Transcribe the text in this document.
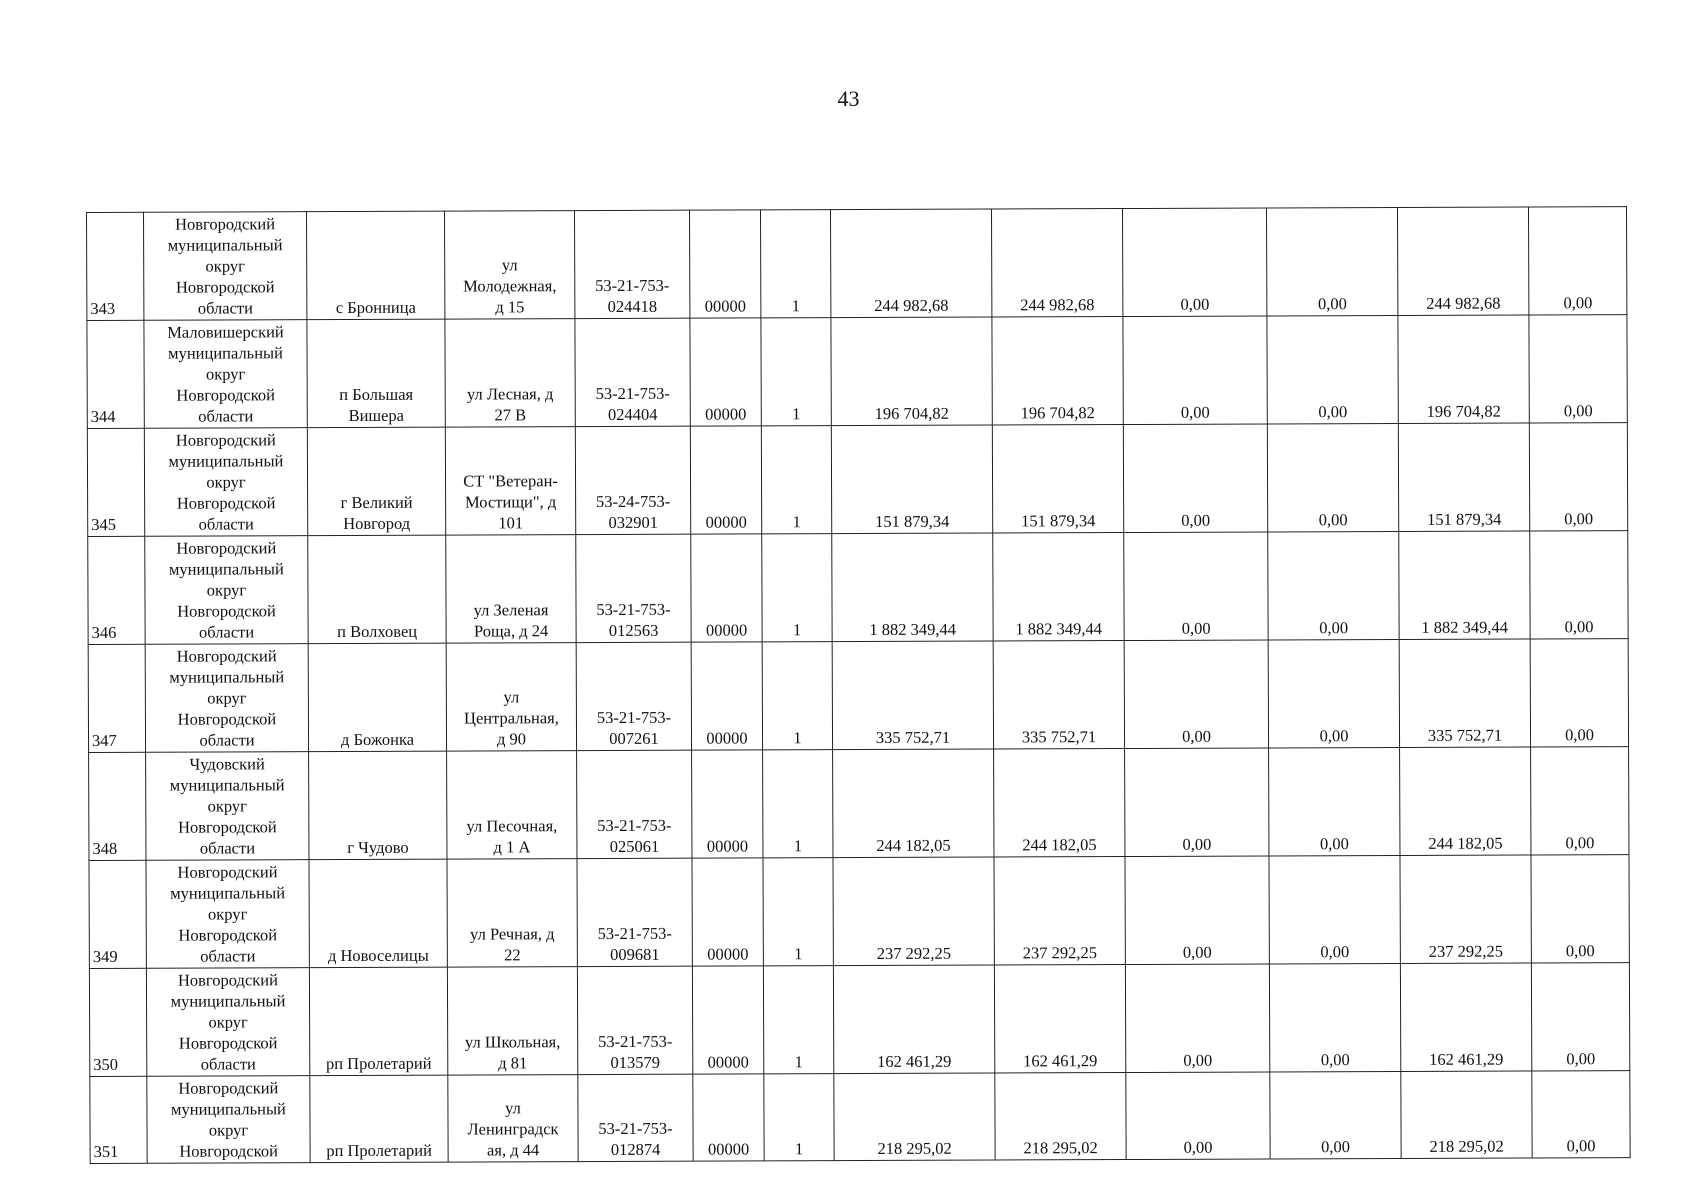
43
343	Новгородский
муниципальный
округ
Новгородской
области	с Бронница	ул
Молодежная,
д 15	53-21-753-
024418	00000	1	244 982,68	244 982,68	0,00	0,00	244 982,68	0,00
344	Маловишерский
муниципальный
округ
Новгородской
области	п Большая
Вишера	ул Лесная, д
27 В	53-21-753-
024404	00000	1	196 704,82	196 704,82	0,00	0,00	196 704,82	0,00
345	Новгородский
муниципальный
округ
Новгородской
области	г Великий
Новгород	СТ "Ветеран-
Мостищи", д
101	53-24-753-
032901	00000	1	151 879,34	151 879,34	0,00	0,00	151 879,34	0,00
346	Новгородский
муниципальный
округ
Новгородской
области	п Волховец	ул Зеленая
Роща, д 24	53-21-753-
012563	00000	1	1 882 349,44	1 882 349,44	0,00	0,00	1 882 349,44	0,00
347	Новгородский
муниципальный
округ
Новгородской
области	д Божонка	ул
Центральная,
д 90	53-21-753-
007261	00000	1	335 752,71	335 752,71	0,00	0,00	335 752,71	0,00
348	Чудовский
муниципальный
округ
Новгородской
области	г Чудово	ул Песочная,
д 1 А	53-21-753-
025061	00000	1	244 182,05	244 182,05	0,00	0,00	244 182,05	0,00
349	Новгородский
муниципальный
округ
Новгородской
области	д Новоселицы	ул Речная, д
22	53-21-753-
009681	00000	1	237 292,25	237 292,25	0,00	0,00	237 292,25	0,00
350	Новгородский
муниципальный
округ
Новгородской
области	рп Пролетарий	ул Школьная,
д 81	53-21-753-
013579	00000	1	162 461,29	162 461,29	0,00	0,00	162 461,29	0,00
351	Новгородский
муниципальный
округ
Новгородской	рп Пролетарий	ул
Ленинградск
ая, д 44	53-21-753-
012874	00000	1	218 295,02	218 295,02	0,00	0,00	218 295,02	0,00
